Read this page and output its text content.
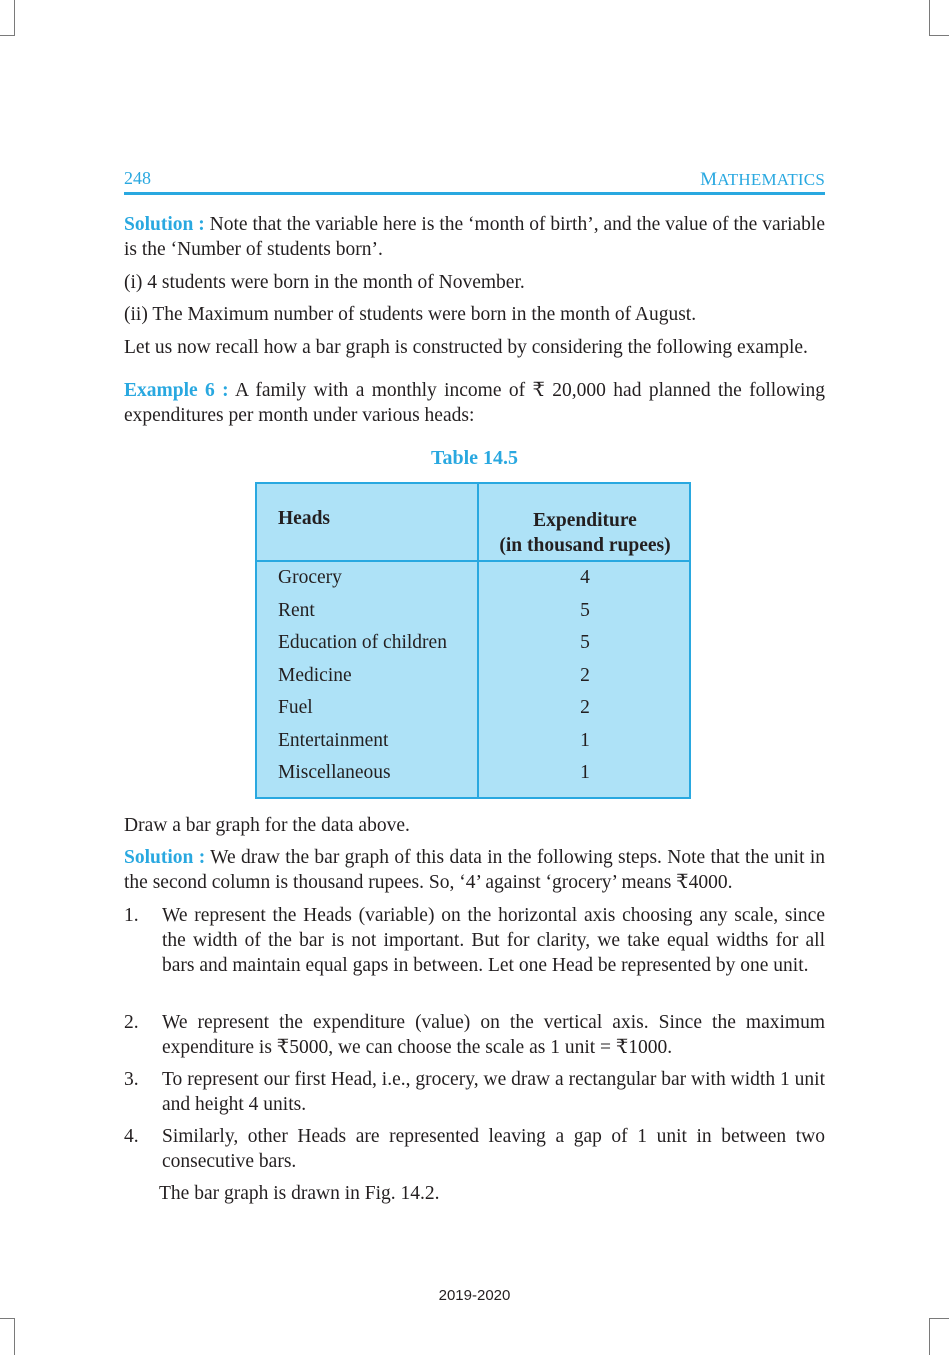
248	MATHEMATICS
Solution : Note that the variable here is the ‘month of birth’, and the value of the variable is the ‘Number of students born’.
(i) 4 students were born in the month of November.
(ii) The Maximum number of students were born in the month of August.
Let us now recall how a bar graph is constructed by considering the following example.
Example 6 : A family with a monthly income of ₹ 20,000 had planned the following expenditures per month under various heads:
Table 14.5
Heads	Expenditure
(in thousand rupees)
Grocery	4
Rent	5
Education of children	5
Medicine	2
Fuel	2
Entertainment	1
Miscellaneous	1
Draw a bar graph for the data above.
Solution : We draw the bar graph of this data in the following steps. Note that the unit in the second column is thousand rupees. So, ‘4’ against ‘grocery’ means ₹4000.
1. We represent the Heads (variable) on the horizontal axis choosing any scale, since the width of the bar is not important. But for clarity, we take equal widths for all bars and maintain equal gaps in between. Let one Head be represented by one unit.
2. We represent the expenditure (value) on the vertical axis. Since the maximum expenditure is ₹5000, we can choose the scale as 1 unit = ₹1000.
3. To represent our first Head, i.e., grocery, we draw a rectangular bar with width 1 unit and height 4 units.
4. Similarly, other Heads are represented leaving a gap of 1 unit in between two consecutive bars.
The bar graph is drawn in Fig. 14.2.
2019-2020
